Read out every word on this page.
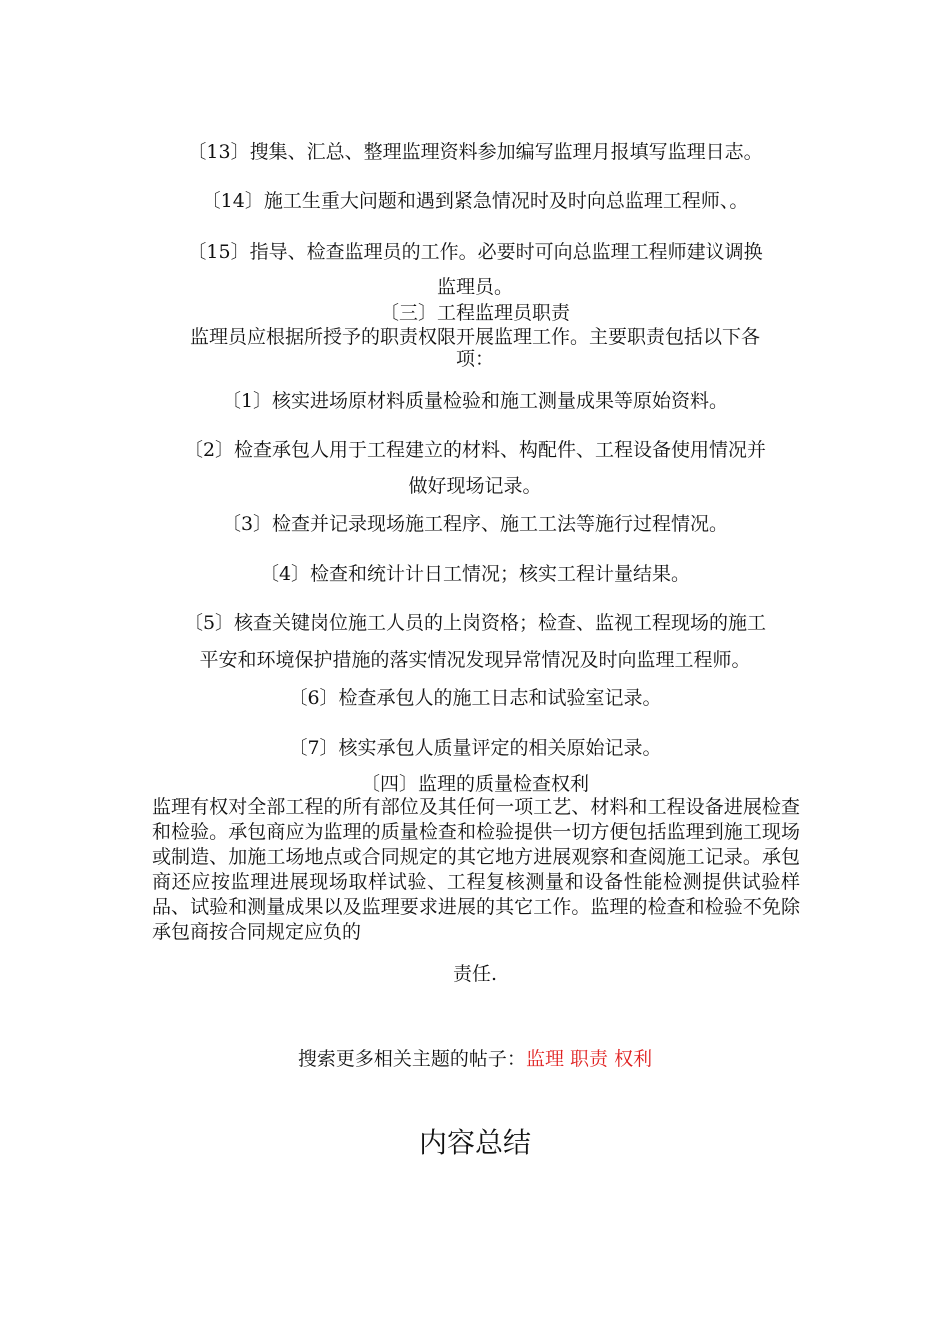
〔13〕搜集、汇总、整理监理资料参加编写监理月报填写监理日志。
〔14〕施工生重大问题和遇到紧急情况时及时向总监理工程师、。
〔15〕指导、检查监理员的工作。必要时可向总监理工程师建议调换
监理员。
〔三〕工程监理员职责
监理员应根据所授予的职责权限开展监理工作。主要职责包括以下各
项：
〔1〕核实进场原材料质量检验和施工测量成果等原始资料。
〔2〕检查承包人用于工程建立的材料、构配件、工程设备使用情况并
做好现场记录。
〔3〕检查并记录现场施工程序、施工工法等施行过程情况。
〔4〕检查和统计计日工情况；核实工程计量结果。
〔5〕核查关键岗位施工人员的上岗资格；检查、监视工程现场的施工
平安和环境保护措施的落实情况发现异常情况及时向监理工程师。
〔6〕检查承包人的施工日志和试验室记录。
〔7〕核实承包人质量评定的相关原始记录。
〔四〕监理的质量检查权利
监理有权对全部工程的所有部位及其任何一项工艺、材料和工程设备进展检查和检验。承包商应为监理的质量检查和检验提供一切方便包括监理到施工现场或制造、加施工场地点或合同规定的其它地方进展观察和查阅施工记录。承包商还应按监理进展现场取样试验、工程复核测量和设备性能检测提供试验样品、试验和测量成果以及监理要求进展的其它工作。监理的检查和检验不免除承包商按合同规定应负的
责任.
搜索更多相关主题的帖子：监理 职责 权利
内容总结
